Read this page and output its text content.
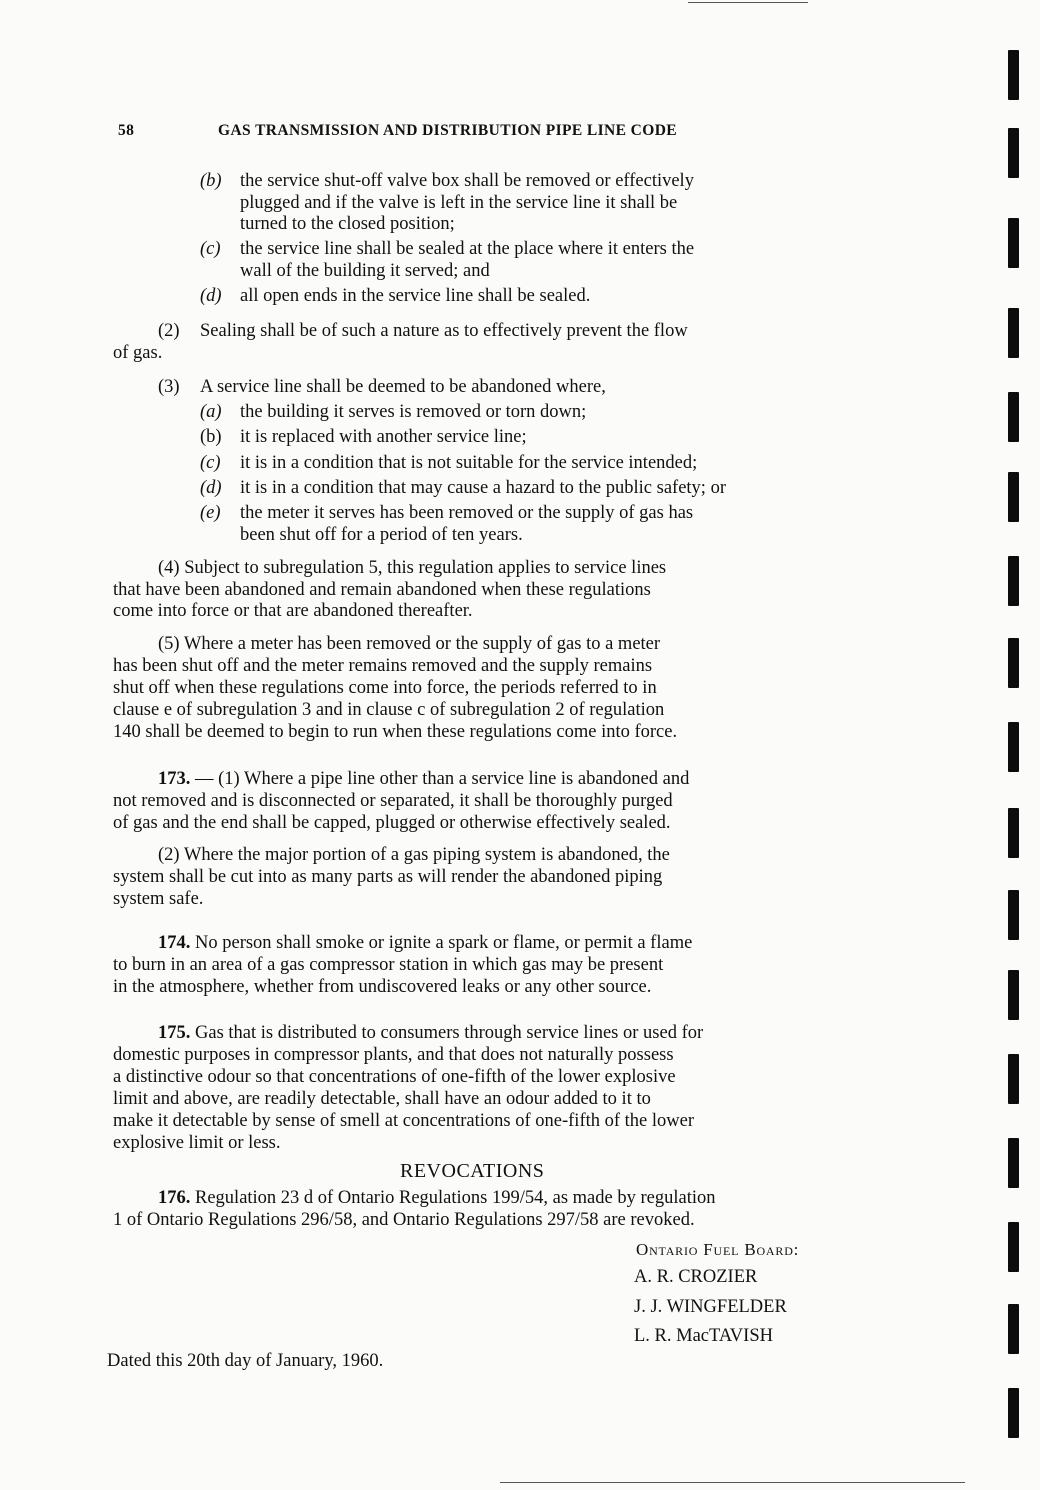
58	GAS TRANSMISSION AND DISTRIBUTION PIPE LINE CODE
(b) the service shut-off valve box shall be removed or effectively
plugged and if the valve is left in the service line it shall be
turned to the closed position;
(c) the service line shall be sealed at the place where it enters the
wall of the building it served; and
(d) all open ends in the service line shall be sealed.
(2) Sealing shall be of such a nature as to effectively prevent the flow
of gas.
(3) A service line shall be deemed to be abandoned where,
(a) the building it serves is removed or torn down;
(b) it is replaced with another service line;
(c) it is in a condition that is not suitable for the service intended;
(d) it is in a condition that may cause a hazard to the public safety; or
(e) the meter it serves has been removed or the supply of gas has
been shut off for a period of ten years.
(4) Subject to subregulation 5, this regulation applies to service lines
that have been abandoned and remain abandoned when these regulations
come into force or that are abandoned thereafter.
(5) Where a meter has been removed or the supply of gas to a meter
has been shut off and the meter remains removed and the supply remains
shut off when these regulations come into force, the periods referred to in
clause e of subregulation 3 and in clause c of subregulation 2 of regulation
140 shall be deemed to begin to run when these regulations come into force.
173. — (1) Where a pipe line other than a service line is abandoned and
not removed and is disconnected or separated, it shall be thoroughly purged
of gas and the end shall be capped, plugged or otherwise effectively sealed.
(2) Where the major portion of a gas piping system is abandoned, the
system shall be cut into as many parts as will render the abandoned piping
system safe.
174. No person shall smoke or ignite a spark or flame, or permit a flame
to burn in an area of a gas compressor station in which gas may be present
in the atmosphere, whether from undiscovered leaks or any other source.
175. Gas that is distributed to consumers through service lines or used for
domestic purposes in compressor plants, and that does not naturally possess
a distinctive odour so that concentrations of one-fifth of the lower explosive
limit and above, are readily detectable, shall have an odour added to it to
make it detectable by sense of smell at concentrations of one-fifth of the lower
explosive limit or less.
REVOCATIONS
176. Regulation 23 d of Ontario Regulations 199/54, as made by regulation
1 of Ontario Regulations 296/58, and Ontario Regulations 297/58 are revoked.
Ontario Fuel Board:
A. R. CROZIER
J. J. WINGFELDER
L. R. MacTAVISH
Dated this 20th day of January, 1960.
